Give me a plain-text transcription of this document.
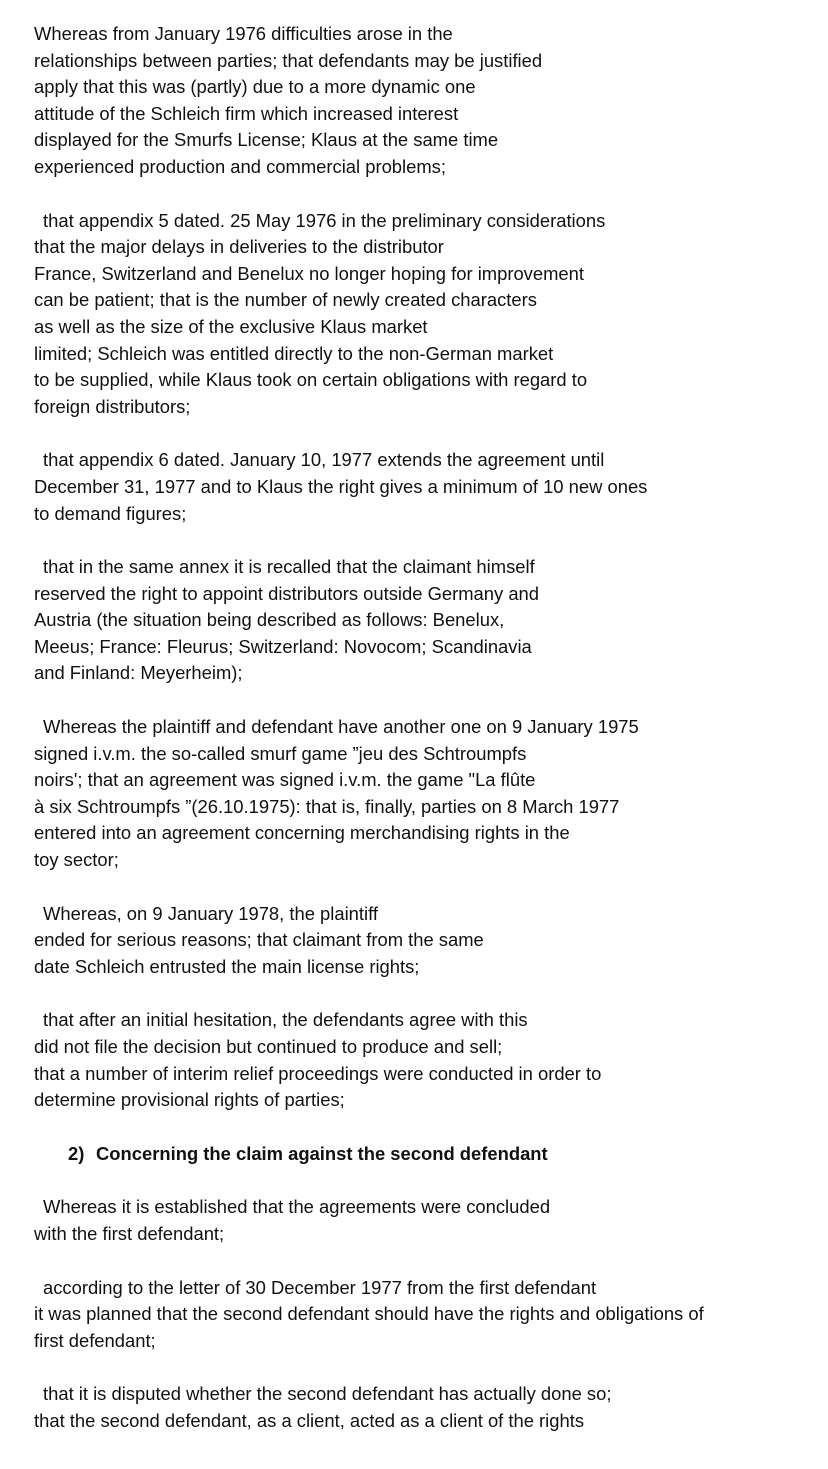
Whereas from January 1976 difficulties arose in the
relationships between parties; that defendants may be justified
apply that this was (partly) due to a more dynamic one
attitude of the Schleich firm which increased interest
displayed for the Smurfs License; Klaus at the same time
experienced production and commercial problems;
that appendix 5 dated. 25 May 1976 in the preliminary considerations
that the major delays in deliveries to the distributor
France, Switzerland and Benelux no longer hoping for improvement
can be patient; that is the number of newly created characters
as well as the size of the exclusive Klaus market
limited; Schleich was entitled directly to the non-German market
to be supplied, while Klaus took on certain obligations with regard to
foreign distributors;
that appendix 6 dated. January 10, 1977 extends the agreement until
December 31, 1977 and to Klaus the right gives a minimum of 10 new ones
to demand figures;
that in the same annex it is recalled that the claimant himself
reserved the right to appoint distributors outside Germany and
Austria (the situation being described as follows: Benelux,
Meeus; France: Fleurus; Switzerland: Novocom; Scandinavia
and Finland: Meyerheim);
Whereas the plaintiff and defendant have another one on 9 January 1975
signed i.v.m. the so-called smurf game ”jeu des Schtroumpfs
noirs'; that an agreement was signed i.v.m. the game "La flûte
à six Schtroumpfs ”(26.10.1975): that is, finally, parties on 8 March 1977
entered into an agreement concerning merchandising rights in the
toy sector;
Whereas, on 9 January 1978, the plaintiff
ended for serious reasons; that claimant from the same
date Schleich entrusted the main license rights;
that after an initial hesitation, the defendants agree with this
did not file the decision but continued to produce and sell;
that a number of interim relief proceedings were conducted in order to
determine provisional rights of parties;
2) Concerning the claim against the second defendant
Whereas it is established that the agreements were concluded
with the first defendant;
according to the letter of 30 December 1977 from the first defendant
it was planned that the second defendant should have the rights and obligations of
first defendant;
that it is disputed whether the second defendant has actually done so;
that the second defendant, as a client, acted as a client of the rights
